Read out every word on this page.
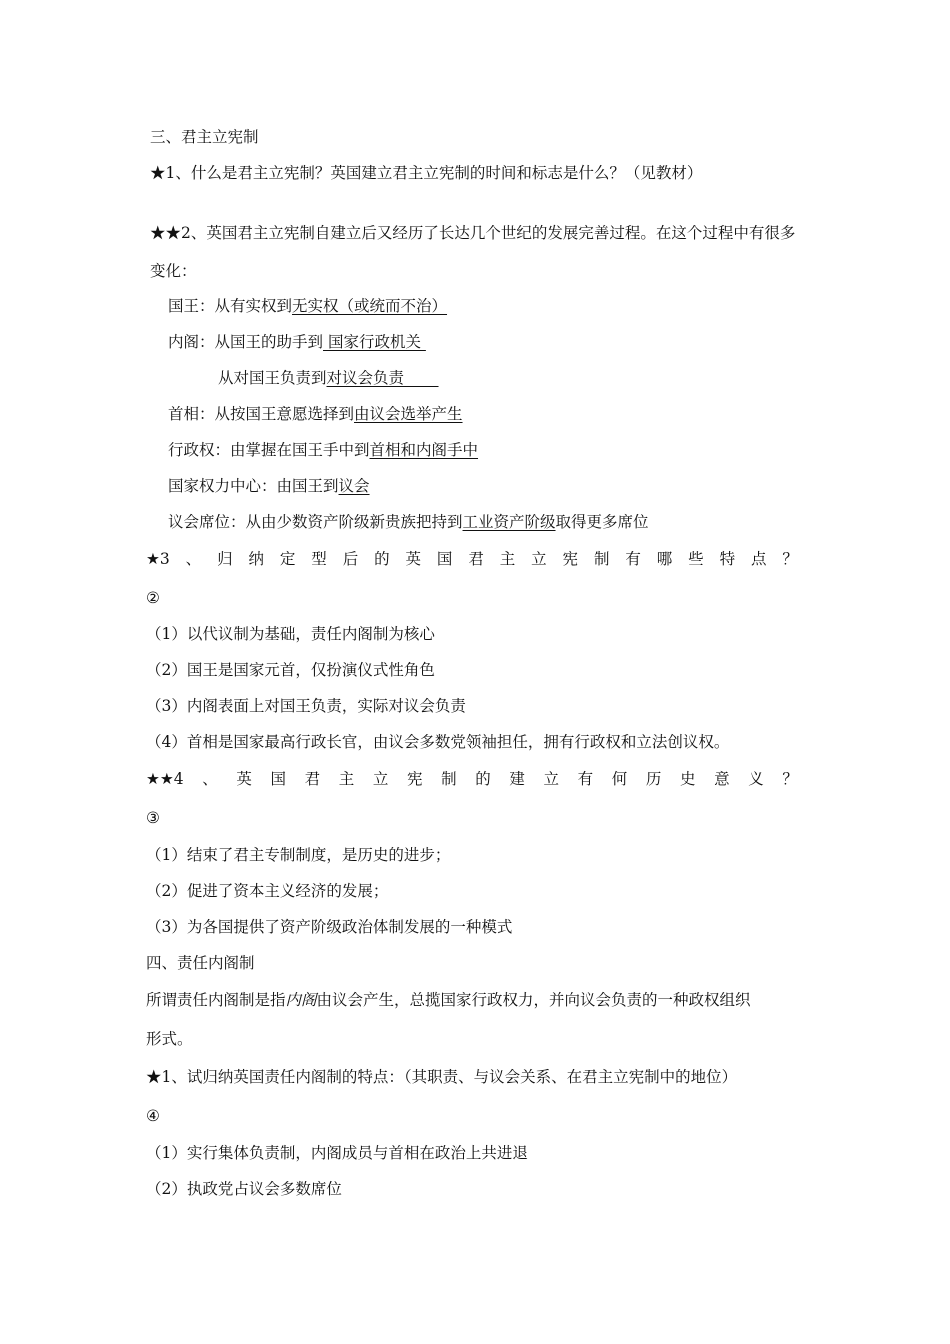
三、君主立宪制
★1、什么是君主立宪制？英国建立君主立宪制的时间和标志是什么？（见教材）
★★2、英国君主立宪制自建立后又经历了长达几个世纪的发展完善过程。在这个过程中有很多
变化：
国王：从有实权到无实权（或统而不治）
内阁：从国王的助手到 国家行政机关
从对国王负责到对议会负责
首相：从按国王意愿选择到由议会选举产生
行政权：由掌握在国王手中到首相和内阁手中
国家权力中心：由国王到议会
议会席位：从由少数资产阶级新贵族把持到工业资产阶级取得更多席位
★3 、 归 纳 定 型 后 的 英 国 君 主 立 宪 制 有 哪 些 特 点 ？
②
（1）以代议制为基础，责任内阁制为核心
（2）国王是国家元首，仅扮演仪式性角色
（3）内阁表面上对国王负责，实际对议会负责
（4）首相是国家最高行政长官，由议会多数党领袖担任，拥有行政权和立法创议权。
★★4 、 英 国 君 主 立 宪 制 的 建 立 有 何 历 史 意 义 ？
③
（1）结束了君主专制制度，是历史的进步；
（2）促进了资本主义经济的发展；
（3）为各国提供了资产阶级政治体制发展的一种模式
四、责任内阁制
所谓责任内阁制是指内阁由议会产生，总揽国家行政权力，并向议会负责的一种政权组织
形式。
★1、试归纳英国责任内阁制的特点：（其职责、与议会关系、在君主立宪制中的地位）
④
（1）实行集体负责制，内阁成员与首相在政治上共进退
（2）执政党占议会多数席位
